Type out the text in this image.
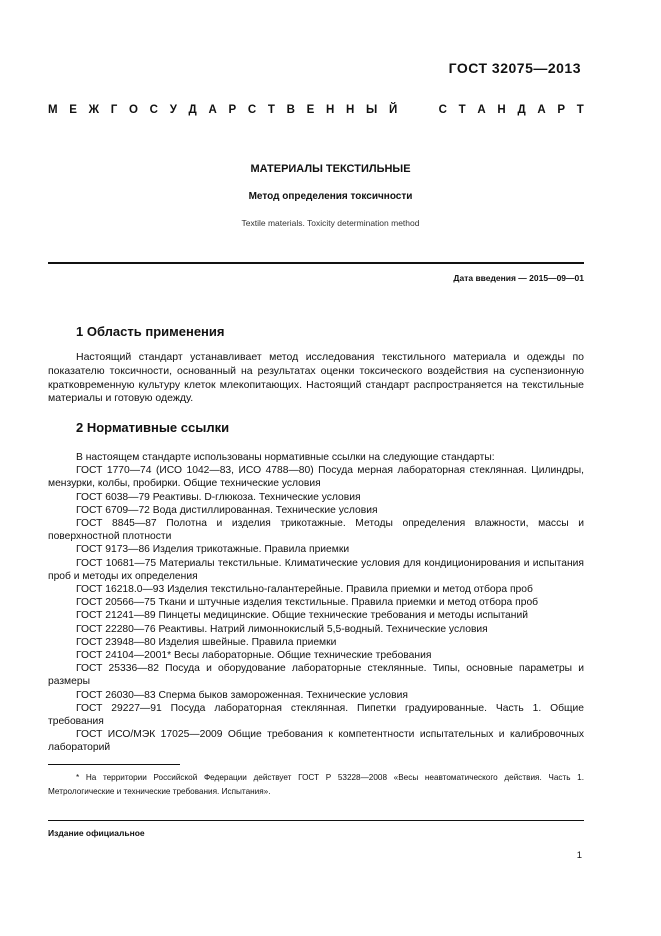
ГОСТ 32075—2013
М Е Ж Г О С У Д А Р С Т В Е Н Н Ы Й	С Т А Н Д А Р Т
МАТЕРИАЛЫ ТЕКСТИЛЬНЫЕ
Метод определения токсичности
Textile materials. Toxicity determination method
Дата введения — 2015—09—01
1 Область применения
Настоящий стандарт устанавливает метод исследования текстильного материала и одежды по показателю токсичности, основанный на результатах оценки токсического воздействия на суспензионную кратковременную культуру клеток млекопитающих. Настоящий стандарт распространяется на текстильные материалы и готовую одежду.
2 Нормативные ссылки
В настоящем стандарте использованы нормативные ссылки на следующие стандарты:
ГОСТ 1770—74 (ИСО 1042—83, ИСО 4788—80) Посуда мерная лабораторная стеклянная. Цилиндры, мензурки, колбы, пробирки. Общие технические условия
ГОСТ 6038—79 Реактивы. D-глюкоза. Технические условия
ГОСТ 6709—72 Вода дистиллированная. Технические условия
ГОСТ 8845—87 Полотна и изделия трикотажные. Методы определения влажности, массы и поверхностной плотности
ГОСТ 9173—86 Изделия трикотажные. Правила приемки
ГОСТ 10681—75 Материалы текстильные. Климатические условия для кондиционирования и испытания проб и методы их определения
ГОСТ 16218.0—93 Изделия текстильно-галантерейные. Правила приемки и метод отбора проб
ГОСТ 20566—75 Ткани и штучные изделия текстильные. Правила приемки и метод отбора проб
ГОСТ 21241—89 Пинцеты медицинские. Общие технические требования и методы испытаний
ГОСТ 22280—76 Реактивы. Натрий лимоннокислый 5,5-водный. Технические условия
ГОСТ 23948—80 Изделия швейные. Правила приемки
ГОСТ 24104—2001* Весы лабораторные. Общие технические требования
ГОСТ 25336—82 Посуда и оборудование лабораторные стеклянные. Типы, основные параметры и размеры
ГОСТ 26030—83 Сперма быков замороженная. Технические условия
ГОСТ 29227—91 Посуда лабораторная стеклянная. Пипетки градуированные. Часть 1. Общие требования
ГОСТ ИСО/МЭК 17025—2009 Общие требования к компетентности испытательных и калибровочных лабораторий
* На территории Российской Федерации действует ГОСТ Р 53228—2008 «Весы неавтоматического действия. Часть 1. Метрологические и технические требования. Испытания».
Издание официальное
1
